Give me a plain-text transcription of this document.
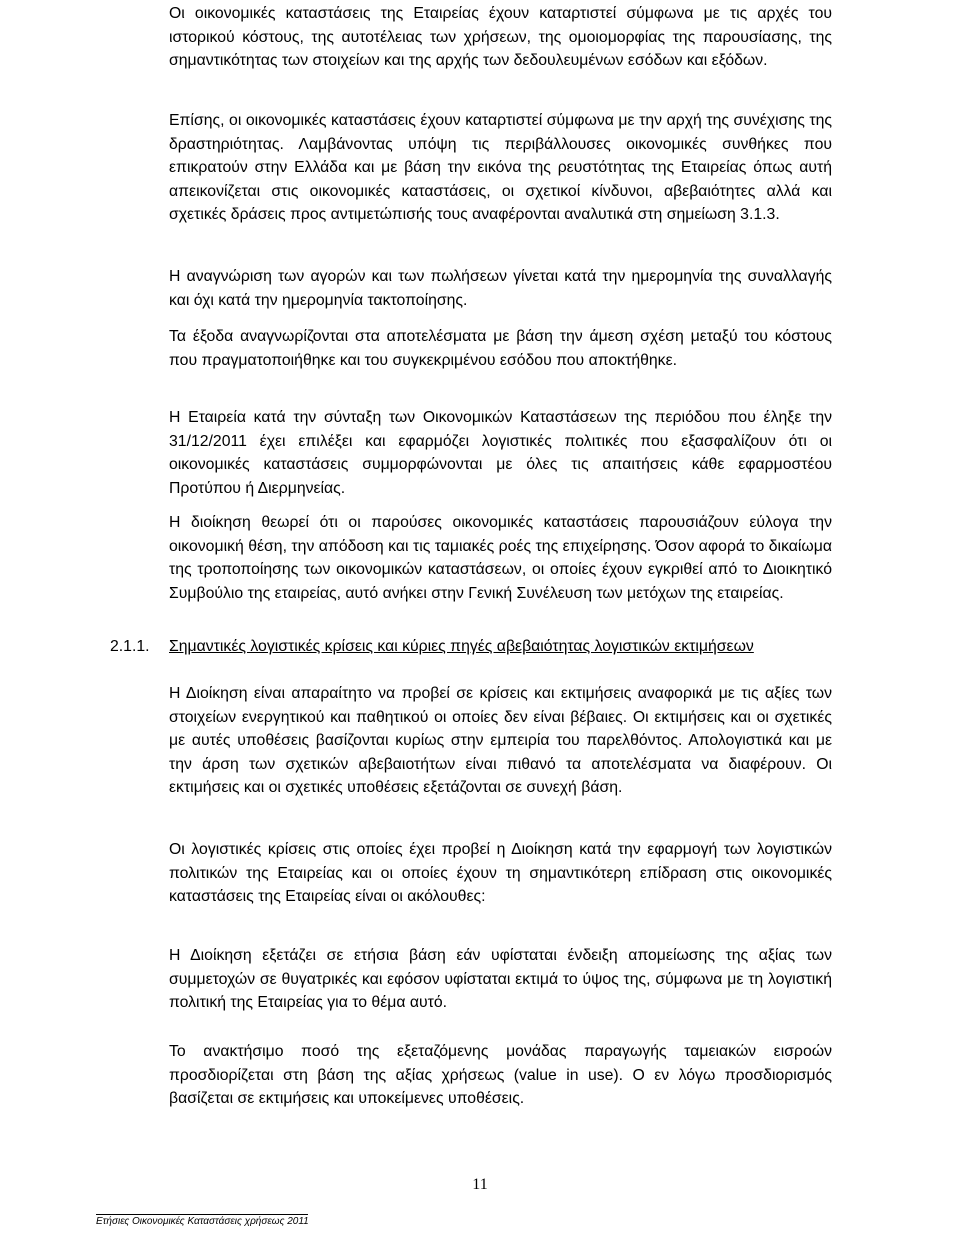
Οι οικονομικές καταστάσεις της Εταιρείας έχουν καταρτιστεί σύμφωνα με τις αρχές του ιστορικού κόστους, της αυτοτέλειας των χρήσεων, της ομοιομορφίας της παρουσίασης, της σημαντικότητας των στοιχείων και της αρχής των δεδουλευμένων εσόδων και εξόδων.

Επίσης, οι οικονομικές καταστάσεις έχουν καταρτιστεί σύμφωνα με την αρχή της συνέχισης της δραστηριότητας. Λαμβάνοντας υπόψη τις περιβάλλουσες οικονομικές συνθήκες που επικρατούν στην Ελλάδα και με βάση την εικόνα της ρευστότητας της Εταιρείας όπως αυτή απεικονίζεται στις οικονομικές καταστάσεις, οι σχετικοί κίνδυνοι, αβεβαιότητες αλλά και σχετικές δράσεις προς αντιμετώπισής τους αναφέρονται αναλυτικά στη σημείωση 3.1.3.

Η αναγνώριση των αγορών και των πωλήσεων γίνεται κατά την ημερομηνία της συναλλαγής και όχι κατά την ημερομηνία τακτοποίησης.

Τα έξοδα αναγνωρίζονται στα αποτελέσματα με βάση την άμεση σχέση μεταξύ του κόστους που πραγματοποιήθηκε και του συγκεκριμένου εσόδου που αποκτήθηκε.

Η Εταιρεία κατά την σύνταξη των Οικονομικών Καταστάσεων της περιόδου που έληξε την 31/12/2011 έχει επιλέξει και εφαρμόζει λογιστικές πολιτικές που εξασφαλίζουν ότι οι οικονομικές καταστάσεις συμμορφώνονται με όλες τις απαιτήσεις κάθε εφαρμοστέου Προτύπου ή Διερμηνείας.

Η διοίκηση θεωρεί ότι οι παρούσες οικονομικές καταστάσεις παρουσιάζουν εύλογα την οικονομική θέση, την απόδοση και τις ταμιακές ροές της επιχείρησης. Όσον αφορά το δικαίωμα της τροποποίησης των οικονομικών καταστάσεων, οι οποίες έχουν εγκριθεί από το Διοικητικό Συμβούλιο της εταιρείας, αυτό ανήκει στην Γενική Συνέλευση των μετόχων της εταιρείας.

2.1.1. Σημαντικές λογιστικές κρίσεις και κύριες πηγές αβεβαιότητας λογιστικών εκτιμήσεων

Η Διοίκηση είναι απαραίτητο να προβεί σε κρίσεις και εκτιμήσεις αναφορικά με τις αξίες των στοιχείων ενεργητικού και παθητικού οι οποίες δεν είναι βέβαιες. Οι εκτιμήσεις και οι σχετικές με αυτές υποθέσεις βασίζονται κυρίως στην εμπειρία του παρελθόντος. Απολογιστικά και με την άρση των σχετικών αβεβαιοτήτων είναι πιθανό τα αποτελέσματα να διαφέρουν. Οι εκτιμήσεις και οι σχετικές υποθέσεις εξετάζονται σε συνεχή βάση.

Οι λογιστικές κρίσεις στις οποίες έχει προβεί η Διοίκηση κατά την εφαρμογή των λογιστικών πολιτικών της Εταιρείας και οι οποίες έχουν τη σημαντικότερη επίδραση στις οικονομικές καταστάσεις της Εταιρείας είναι οι ακόλουθες:

Η Διοίκηση εξετάζει σε ετήσια βάση εάν υφίσταται ένδειξη απομείωσης της αξίας των συμμετοχών σε θυγατρικές και εφόσον υφίσταται εκτιμά το ύψος της, σύμφωνα με τη λογιστική πολιτική της Εταιρείας για το θέμα αυτό.

Το ανακτήσιμο ποσό της εξεταζόμενης μονάδας παραγωγής ταμειακών εισροών προσδιορίζεται στη βάση της αξίας χρήσεως (value in use). Ο εν λόγω προσδιορισμός βασίζεται σε εκτιμήσεις και υποκείμενες υποθέσεις.

11

Ετήσιες Οικονομικές Καταστάσεις χρήσεως 2011
